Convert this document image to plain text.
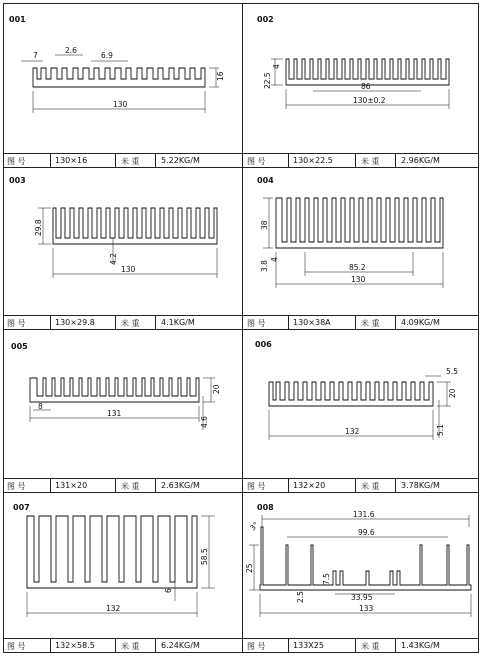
001
130
16
7
2.6
6.9
图 号	130×16	米 重	5.22KG/M
002
86
130±0.2
22.5
4
图 号	130×22.5	米 重	2.96KG/M
003
29.8
4.2
130
图 号	130×29.8	米 重	4.1KG/M
004
38
4
3.8	85.2
130
图 号	130×38A	米 重	4.09KG/M
005
20
8
131
4.6
图 号	131×20	米 重	2.63KG/M
006
5.5
20
5.1
132
图 号	132×20	米 重	3.78KG/M
007
58.5
6
132
图 号	132×58.5	米 重	6.24KG/M
008
131.6
99.6
3°
25
7.5
2.5	33.95
133
图 号	133X25	米 重	1.43KG/M
